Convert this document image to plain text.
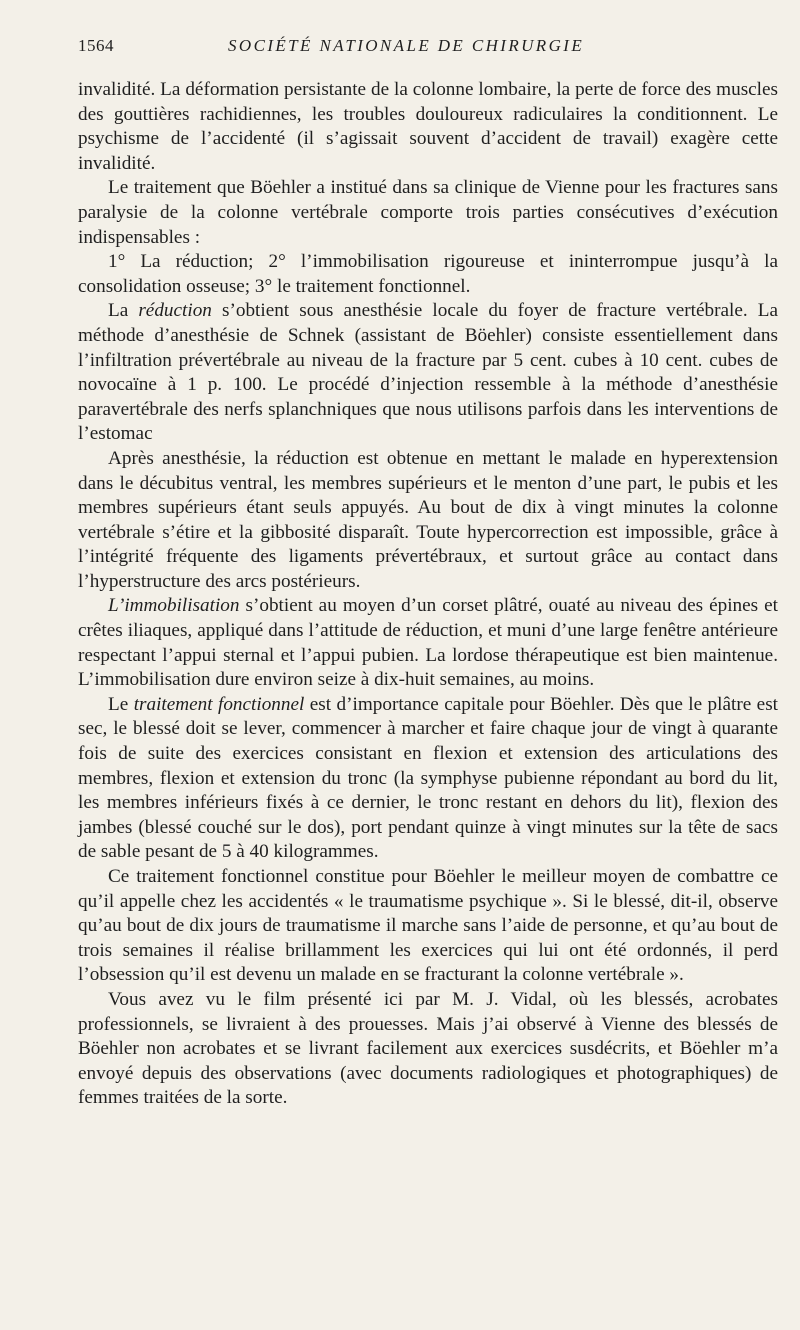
1564	SOCIÉTÉ NATIONALE DE CHIRURGIE

invalidité. La déformation persistante de la colonne lombaire, la perte de force des muscles des gouttières rachidiennes, les troubles douloureux radiculaires la conditionnent. Le psychisme de l’accidenté (il s’agissait souvent d’accident de travail) exagère cette invalidité.

Le traitement que Böehler a institué dans sa clinique de Vienne pour les fractures sans paralysie de la colonne vertébrale comporte trois parties consécutives d’exécution indispensables :

1° La réduction; 2° l’immobilisation rigoureuse et ininterrompue jusqu’à la consolidation osseuse; 3° le traitement fonctionnel.

La réduction s’obtient sous anesthésie locale du foyer de fracture vertébrale. La méthode d’anesthésie de Schnek (assistant de Böehler) consiste essentiellement dans l’infiltration prévertébrale au niveau de la fracture par 5 cent. cubes à 10 cent. cubes de novocaïne à 1 p. 100. Le procédé d’injection ressemble à la méthode d’anesthésie paravertébrale des nerfs splanchniques que nous utilisons parfois dans les interventions de l’estomac

Après anesthésie, la réduction est obtenue en mettant le malade en hyperextension dans le décubitus ventral, les membres supérieurs et le menton d’une part, le pubis et les membres supérieurs étant seuls appuyés. Au bout de dix à vingt minutes la colonne vertébrale s’étire et la gibbosité disparaît. Toute hypercorrection est impossible, grâce à l’intégrité fréquente des ligaments prévertébraux, et surtout grâce au contact dans l’hyperstructure des arcs postérieurs.

L’immobilisation s’obtient au moyen d’un corset plâtré, ouaté au niveau des épines et crêtes iliaques, appliqué dans l’attitude de réduction, et muni d’une large fenêtre antérieure respectant l’appui sternal et l’appui pubien. La lordose thérapeutique est bien maintenue. L’immobilisation dure environ seize à dix-huit semaines, au moins.

Le traitement fonctionnel est d’importance capitale pour Böehler. Dès que le plâtre est sec, le blessé doit se lever, commencer à marcher et faire chaque jour de vingt à quarante fois de suite des exercices consistant en flexion et extension des articulations des membres, flexion et extension du tronc (la symphyse pubienne répondant au bord du lit, les membres inférieurs fixés à ce dernier, le tronc restant en dehors du lit), flexion des jambes (blessé couché sur le dos), port pendant quinze à vingt minutes sur la tête de sacs de sable pesant de 5 à 40 kilogrammes.

Ce traitement fonctionnel constitue pour Böehler le meilleur moyen de combattre ce qu’il appelle chez les accidentés « le traumatisme psychique ». Si le blessé, dit-il, observe qu’au bout de dix jours de traumatisme il marche sans l’aide de personne, et qu’au bout de trois semaines il réalise brillamment les exercices qui lui ont été ordonnés, il perd l’obsession qu’il est devenu un malade en se fracturant la colonne vertébrale ».

Vous avez vu le film présenté ici par M. J. Vidal, où les blessés, acrobates professionnels, se livraient à des prouesses. Mais j’ai observé à Vienne des blessés de Böehler non acrobates et se livrant facilement aux exercices susdécrits, et Böehler m’a envoyé depuis des observations (avec documents radiologiques et photographiques) de femmes traitées de la sorte.
